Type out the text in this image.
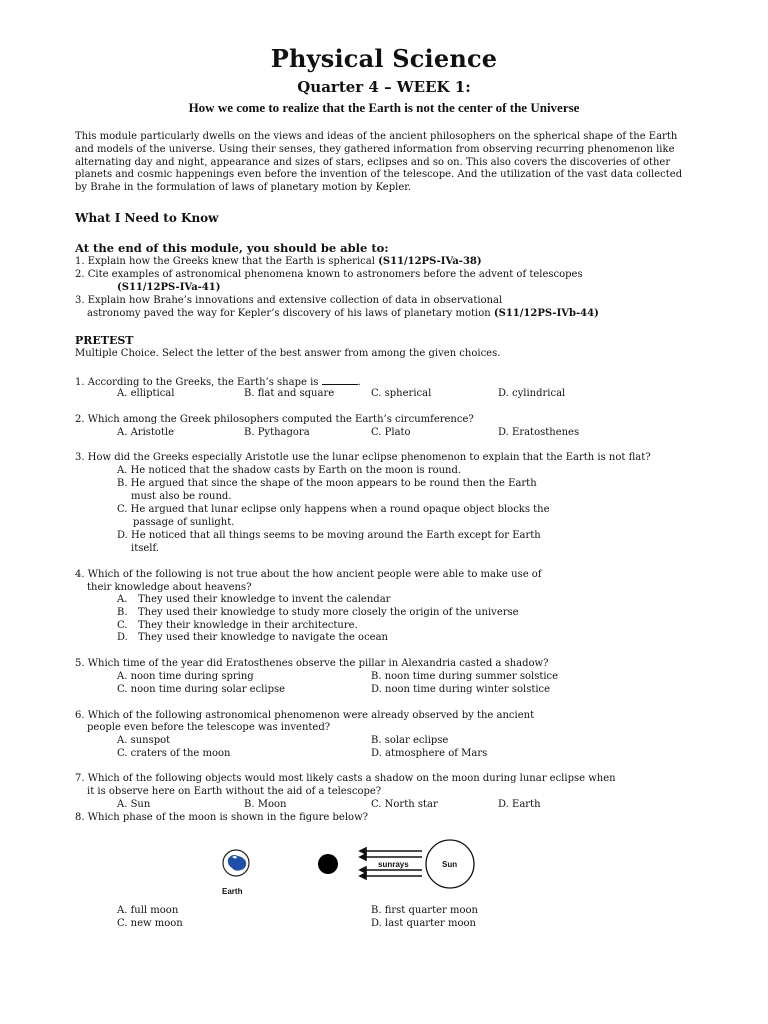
Physical Science
Quarter 4 – WEEK 1:
How we come to realize that the Earth is not the center of the Universe
This module particularly dwells on the views and ideas of the ancient philosophers on the spherical shape of the Earth
and models of the universe. Using their senses, they gathered information from observing recurring phenomenon like
alternating day and night, appearance and sizes of stars, eclipses and so on. This also covers the discoveries of other
planets and cosmic happenings even before the invention of the telescope. And the utilization of the vast data collected
by Brahe in the formulation of laws of planetary motion by Kepler.
What I Need to Know
At the end of this module, you should be able to:
1. Explain how the Greeks knew that the Earth is spherical (S11/12PS-IVa-38)
2. Cite examples of astronomical phenomena known to astronomers before the advent of telescopes
(S11/12PS-IVa-41)
3. Explain how Brahe’s innovations and extensive collection of data in observational
astronomy paved the way for Kepler’s discovery of his laws of planetary motion (S11/12PS-IVb-44)
PRETEST
Multiple Choice. Select the letter of the best answer from among the given choices.
1. According to the Greeks, the Earth’s shape is	.
A. elliptical	B. flat and square	C. spherical	D. cylindrical
2. Which among the Greek philosophers computed the Earth’s circumference?
A. Aristotle	B. Pythagora	C. Plato	D. Eratosthenes
3. How did the Greeks especially Aristotle use the lunar eclipse phenomenon to explain that the Earth is not flat?
A. He noticed that the shadow casts by Earth on the moon is round.
B. He argued that since the shape of the moon appears to be round then the Earth
must also be round.
C. He argued that lunar eclipse only happens when a round opaque object blocks the
passage of sunlight.
D. He noticed that all things seems to be moving around the Earth except for Earth
itself.
4. Which of the following is not true about the how ancient people were able to make use of
their knowledge about heavens?
A. They used their knowledge to invent the calendar
B. They used their knowledge to study more closely the origin of the universe
C. They their knowledge in their architecture.
D. They used their knowledge to navigate the ocean
5. Which time of the year did Eratosthenes observe the pillar in Alexandria casted a shadow?
A. noon time during spring	B. noon time during summer solstice
C. noon time during solar eclipse	D. noon time during winter solstice
6. Which of the following astronomical phenomenon were already observed by the ancient
people even before the telescope was invented?
A. sunspot	B. solar eclipse
C. craters of the moon	D. atmosphere of Mars
7. Which of the following objects would most likely casts a shadow on the moon during lunar eclipse when
it is observe here on Earth without the aid of a telescope?
A. Sun	B. Moon	C. North star	D. Earth
8. Which phase of the moon is shown in the figure below?
Earth
sunrays	Sun
A. full moon	B. first quarter moon
C. new moon	D. last quarter moon
